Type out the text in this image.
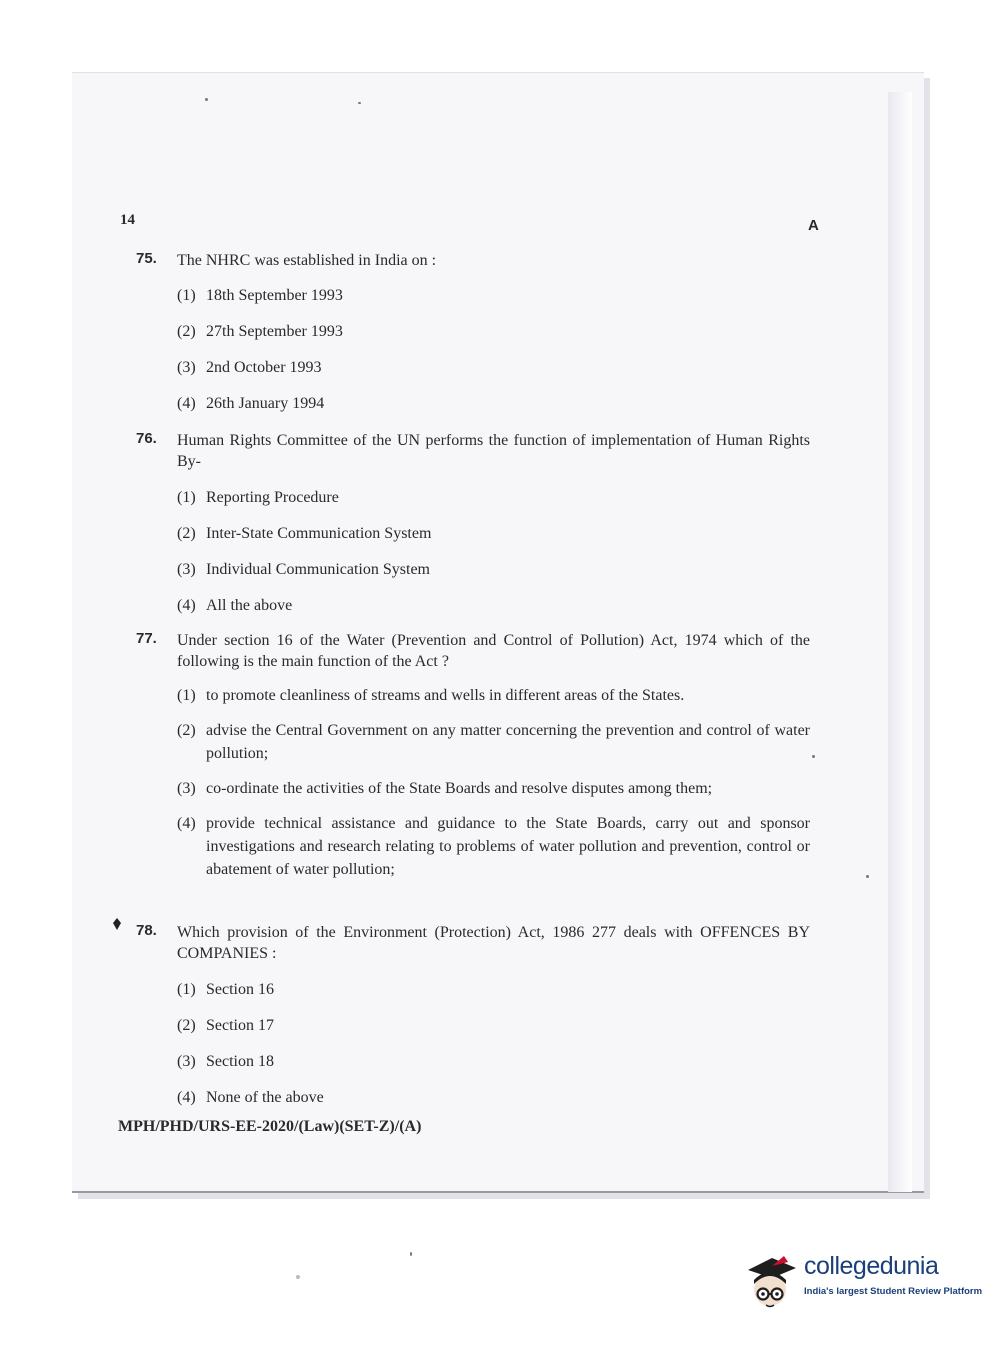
14	A
75.	The NHRC was established in India on :
(1) 18th September 1993
(2) 27th September 1993
(3) 2nd October 1993
(4) 26th January 1994
76.	Human Rights Committee of the UN performs the function of implementation of Human Rights By-
(1) Reporting Procedure
(2) Inter-State Communication System
(3) Individual Communication System
(4) All the above
77.	Under section 16 of the Water (Prevention and Control of Pollution) Act, 1974 which of the following is the main function of the Act ?
(1) to promote cleanliness of streams and wells in different areas of the States.
(2) advise the Central Government on any matter concerning the prevention and control of water pollution;
(3) co-ordinate the activities of the State Boards and resolve disputes among them;
(4) provide technical assistance and guidance to the State Boards, carry out and sponsor investigations and research relating to problems of water pollution and prevention, control or abatement of water pollution;
78.	Which provision of the Environment (Protection) Act, 1986 277 deals with OFFENCES BY COMPANIES :
(1) Section 16
(2) Section 17
(3) Section 18
(4) None of the above
MPH/PHD/URS-EE-2020/(Law)(SET-Z)/(A)
collegedunia
India's largest Student Review Platform
